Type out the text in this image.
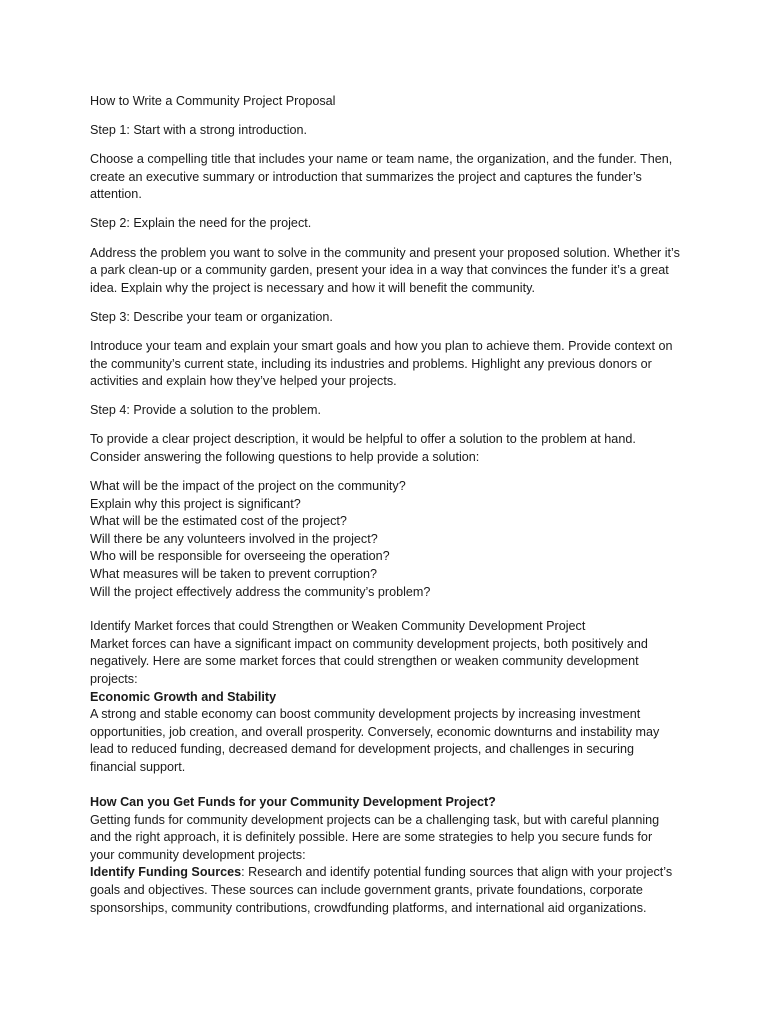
How to Write a Community Project Proposal

Step 1: Start with a strong introduction.

Choose a compelling title that includes your name or team name, the organization, and the funder. Then, create an executive summary or introduction that summarizes the project and captures the funder’s attention.

Step 2: Explain the need for the project.

Address the problem you want to solve in the community and present your proposed solution. Whether it’s a park clean-up or a community garden, present your idea in a way that convinces the funder it’s a great idea. Explain why the project is necessary and how it will benefit the community.

Step 3: Describe your team or organization.

Introduce your team and explain your smart goals and how you plan to achieve them. Provide context on the community’s current state, including its industries and problems. Highlight any previous donors or activities and explain how they’ve helped your projects.

Step 4: Provide a solution to the problem.

To provide a clear project description, it would be helpful to offer a solution to the problem at hand. Consider answering the following questions to help provide a solution:

What will be the impact of the project on the community?
Explain why this project is significant?
What will be the estimated cost of the project?
Will there be any volunteers involved in the project?
Who will be responsible for overseeing the operation?
What measures will be taken to prevent corruption?
Will the project effectively address the community’s problem?

Identify Market forces that could Strengthen or Weaken Community Development Project

Market forces can have a significant impact on community development projects, both positively and negatively. Here are some market forces that could strengthen or weaken community development projects:

Economic Growth and Stability

A strong and stable economy can boost community development projects by increasing investment opportunities, job creation, and overall prosperity. Conversely, economic downturns and instability may lead to reduced funding, decreased demand for development projects, and challenges in securing financial support.

How Can you Get Funds for your Community Development Project?

Getting funds for community development projects can be a challenging task, but with careful planning and the right approach, it is definitely possible. Here are some strategies to help you secure funds for your community development projects:

Identify Funding Sources: Research and identify potential funding sources that align with your project’s goals and objectives. These sources can include government grants, private foundations, corporate sponsorships, community contributions, crowdfunding platforms, and international aid organizations.
